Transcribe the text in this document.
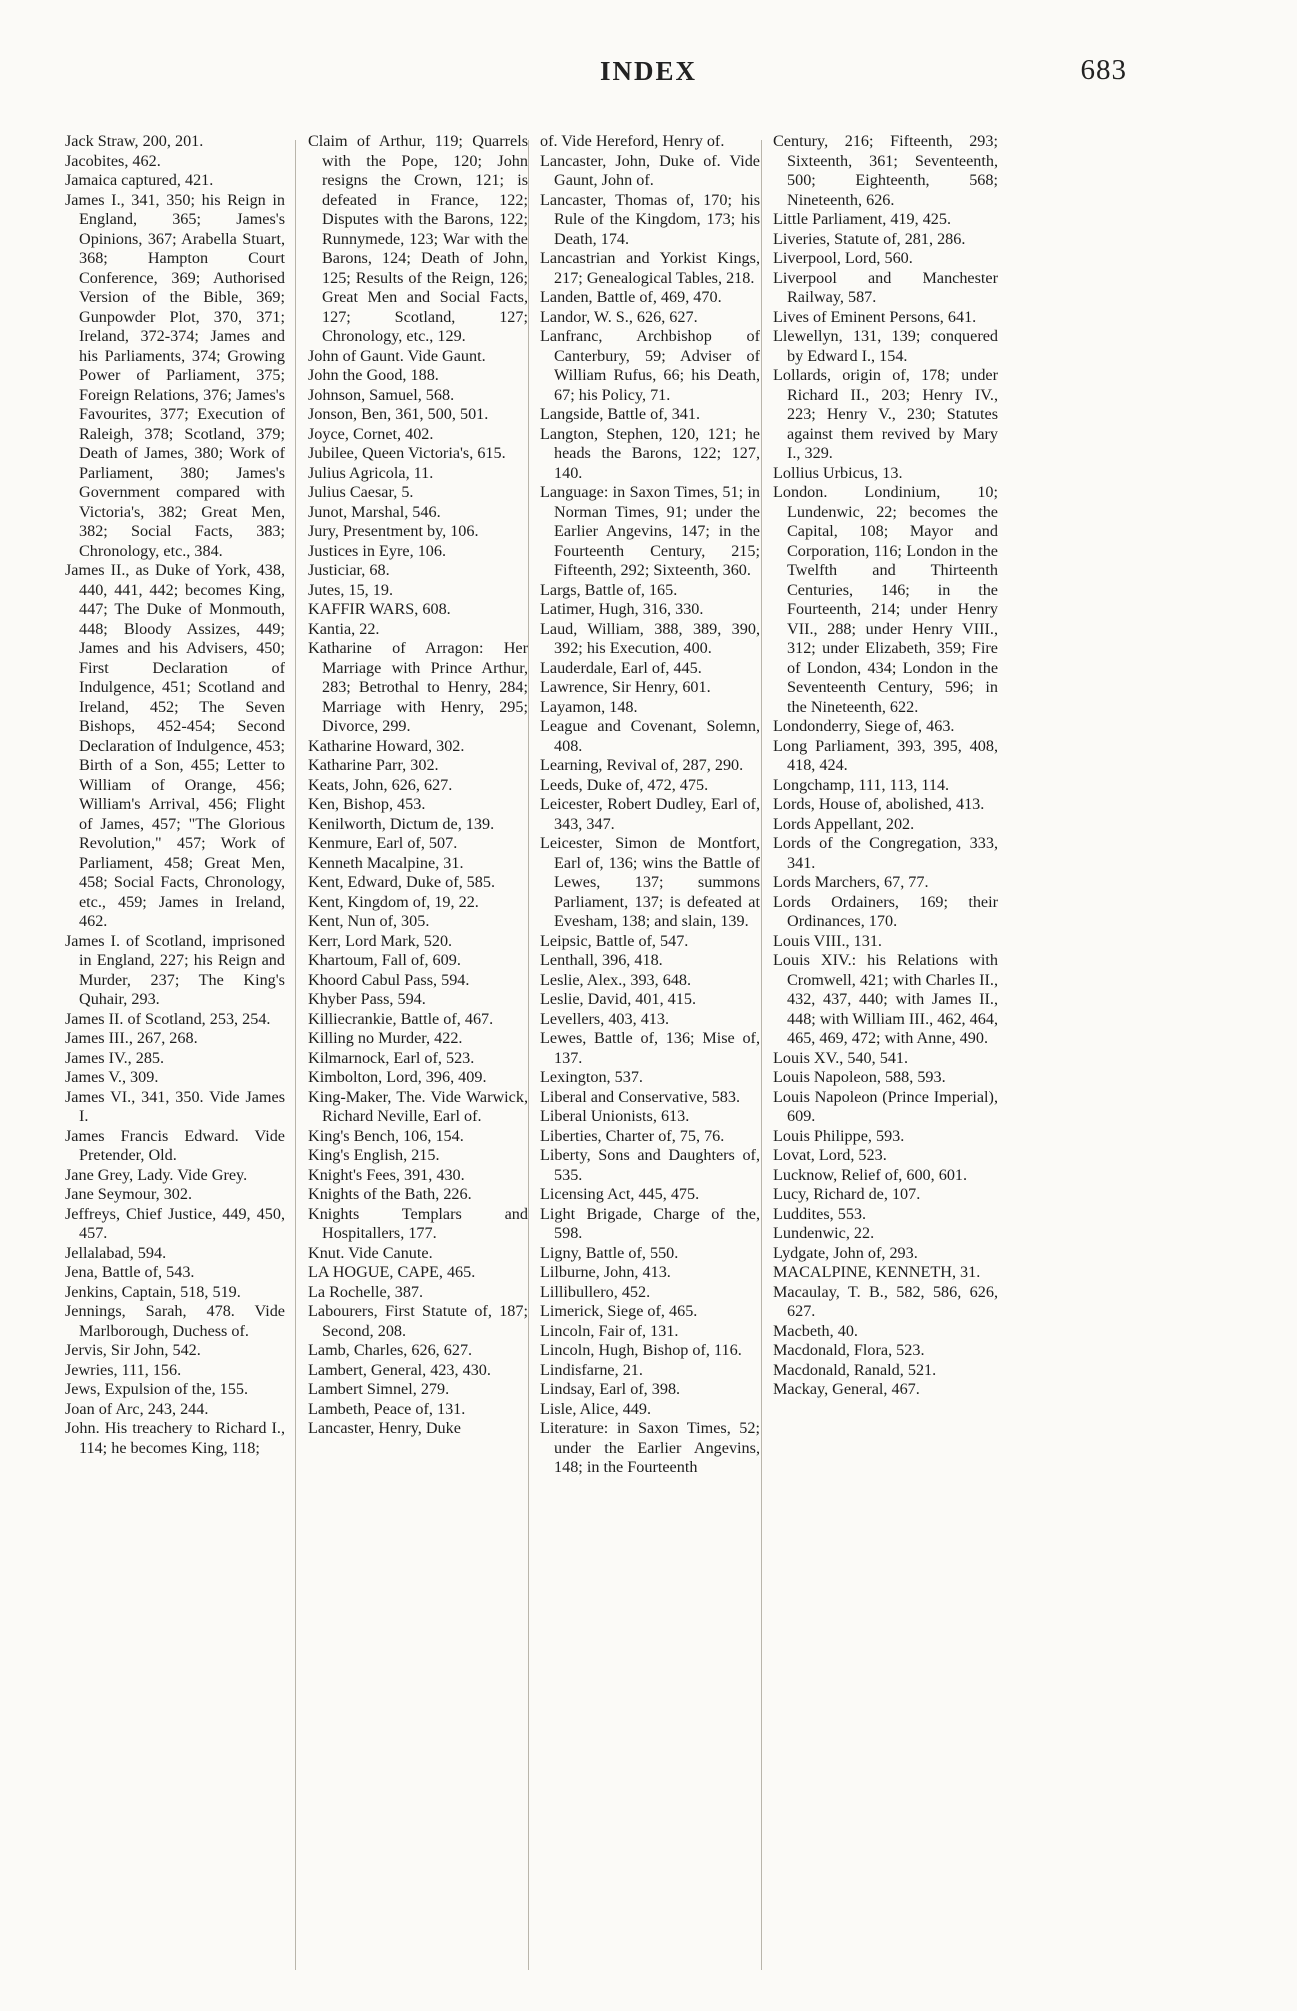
INDEX	683

Jack Straw, 200, 201.

Jacobites, 462.

Jamaica captured, 421.

James I., 341, 350; his Reign in England, 365; James's Opinions, 367; Arabella Stuart, 368; Hampton Court Conference, 369; Authorised Version of the Bible, 369; Gunpowder Plot, 370, 371; Ireland, 372-374; James and his Parliaments, 374; Growing Power of Parliament, 375; Foreign Relations, 376; James's Favourites, 377; Execution of Raleigh, 378; Scotland, 379; Death of James, 380; Work of Parliament, 380; James's Government compared with Victoria's, 382; Great Men, 382; Social Facts, 383; Chronology, etc., 384.

James II., as Duke of York, 438, 440, 441, 442; becomes King, 447; The Duke of Monmouth, 448; Bloody Assizes, 449; James and his Advisers, 450; First Declaration of Indulgence, 451; Scotland and Ireland, 452; The Seven Bishops, 452-454; Second Declaration of Indulgence, 453; Birth of a Son, 455; Letter to William of Orange, 456; William's Arrival, 456; Flight of James, 457; "The Glorious Revolution," 457; Work of Parliament, 458; Great Men, 458; Social Facts, Chronology, etc., 459; James in Ireland, 462.

James I. of Scotland, imprisoned in England, 227; his Reign and Murder, 237; The King's Quhair, 293.

James II. of Scotland, 253, 254.

James III., 267, 268.

James IV., 285.

James V., 309.

James VI., 341, 350. Vide James I.

James Francis Edward. Vide Pretender, Old.

Jane Grey, Lady. Vide Grey.

Jane Seymour, 302.

Jeffreys, Chief Justice, 449, 450, 457.

Jellalabad, 594.

Jena, Battle of, 543.

Jenkins, Captain, 518, 519.

Jennings, Sarah, 478. Vide Marlborough, Duchess of.

Jervis, Sir John, 542.

Jewries, 111, 156.

Jews, Expulsion of the, 155.

Joan of Arc, 243, 244.

John. His treachery to Richard I., 114; he becomes King, 118;

Claim of Arthur, 119; Quarrels with the Pope, 120; John resigns the Crown, 121; is defeated in France, 122; Disputes with the Barons, 122; Runnymede, 123; War with the Barons, 124; Death of John, 125; Results of the Reign, 126; Great Men and Social Facts, 127; Scotland, 127; Chronology, etc., 129.

John of Gaunt. Vide Gaunt.

John the Good, 188.

Johnson, Samuel, 568.

Jonson, Ben, 361, 500, 501.

Joyce, Cornet, 402.

Jubilee, Queen Victoria's, 615.

Julius Agricola, 11.

Julius Caesar, 5.

Junot, Marshal, 546.

Jury, Presentment by, 106.

Justices in Eyre, 106.

Justiciar, 68.

Jutes, 15, 19.

KAFFIR WARS, 608.

Kantia, 22.

Katharine of Arragon: Her Marriage with Prince Arthur, 283; Betrothal to Henry, 284; Marriage with Henry, 295; Divorce, 299.

Katharine Howard, 302.

Katharine Parr, 302.

Keats, John, 626, 627.

Ken, Bishop, 453.

Kenilworth, Dictum de, 139.

Kenmure, Earl of, 507.

Kenneth Macalpine, 31.

Kent, Edward, Duke of, 585.

Kent, Kingdom of, 19, 22.

Kent, Nun of, 305.

Kerr, Lord Mark, 520.

Khartoum, Fall of, 609.

Khoord Cabul Pass, 594.

Khyber Pass, 594.

Killiecrankie, Battle of, 467.

Killing no Murder, 422.

Kilmarnock, Earl of, 523.

Kimbolton, Lord, 396, 409.

King-Maker, The. Vide Warwick, Richard Neville, Earl of.

King's Bench, 106, 154.

King's English, 215.

Knight's Fees, 391, 430.

Knights of the Bath, 226.

Knights Templars and Hospitallers, 177.

Knut. Vide Canute.

LA HOGUE, CAPE, 465.

La Rochelle, 387.

Labourers, First Statute of, 187; Second, 208.

Lamb, Charles, 626, 627.

Lambert, General, 423, 430.

Lambert Simnel, 279.

Lambeth, Peace of, 131.

Lancaster, Henry, Duke

of. Vide Hereford, Henry of.

Lancaster, John, Duke of. Vide Gaunt, John of.

Lancaster, Thomas of, 170; his Rule of the Kingdom, 173; his Death, 174.

Lancastrian and Yorkist Kings, 217; Genealogical Tables, 218.

Landen, Battle of, 469, 470.

Landor, W. S., 626, 627.

Lanfranc, Archbishop of Canterbury, 59; Adviser of William Rufus, 66; his Death, 67; his Policy, 71.

Langside, Battle of, 341.

Langton, Stephen, 120, 121; he heads the Barons, 122; 127, 140.

Language: in Saxon Times, 51; in Norman Times, 91; under the Earlier Angevins, 147; in the Fourteenth Century, 215; Fifteenth, 292; Sixteenth, 360.

Largs, Battle of, 165.

Latimer, Hugh, 316, 330.

Laud, William, 388, 389, 390, 392; his Execution, 400.

Lauderdale, Earl of, 445.

Lawrence, Sir Henry, 601.

Layamon, 148.

League and Covenant, Solemn, 408.

Learning, Revival of, 287, 290.

Leeds, Duke of, 472, 475.

Leicester, Robert Dudley, Earl of, 343, 347.

Leicester, Simon de Montfort, Earl of, 136; wins the Battle of Lewes, 137; summons Parliament, 137; is defeated at Evesham, 138; and slain, 139.

Leipsic, Battle of, 547.

Lenthall, 396, 418.

Leslie, Alex., 393, 648.

Leslie, David, 401, 415.

Levellers, 403, 413.

Lewes, Battle of, 136; Mise of, 137.

Lexington, 537.

Liberal and Conservative, 583.

Liberal Unionists, 613.

Liberties, Charter of, 75, 76.

Liberty, Sons and Daughters of, 535.

Licensing Act, 445, 475.

Light Brigade, Charge of the, 598.

Ligny, Battle of, 550.

Lilburne, John, 413.

Lillibullero, 452.

Limerick, Siege of, 465.

Lincoln, Fair of, 131.

Lincoln, Hugh, Bishop of, 116.

Lindisfarne, 21.

Lindsay, Earl of, 398.

Lisle, Alice, 449.

Literature: in Saxon Times, 52; under the Earlier Angevins, 148; in the Fourteenth

Century, 216; Fifteenth, 293; Sixteenth, 361; Seventeenth, 500; Eighteenth, 568; Nineteenth, 626.

Little Parliament, 419, 425.

Liveries, Statute of, 281, 286.

Liverpool, Lord, 560.

Liverpool and Manchester Railway, 587.

Lives of Eminent Persons, 641.

Llewellyn, 131, 139; conquered by Edward I., 154.

Lollards, origin of, 178; under Richard II., 203; Henry IV., 223; Henry V., 230; Statutes against them revived by Mary I., 329.

Lollius Urbicus, 13.

London. Londinium, 10; Lundenwic, 22; becomes the Capital, 108; Mayor and Corporation, 116; London in the Twelfth and Thirteenth Centuries, 146; in the Fourteenth, 214; under Henry VII., 288; under Henry VIII., 312; under Elizabeth, 359; Fire of London, 434; London in the Seventeenth Century, 596; in the Nineteenth, 622.

Londonderry, Siege of, 463.

Long Parliament, 393, 395, 408, 418, 424.

Longchamp, 111, 113, 114.

Lords, House of, abolished, 413.

Lords Appellant, 202.

Lords of the Congregation, 333, 341.

Lords Marchers, 67, 77.

Lords Ordainers, 169; their Ordinances, 170.

Louis VIII., 131.

Louis XIV.: his Relations with Cromwell, 421; with Charles II., 432, 437, 440; with James II., 448; with William III., 462, 464, 465, 469, 472; with Anne, 490.

Louis XV., 540, 541.

Louis Napoleon, 588, 593.

Louis Napoleon (Prince Imperial), 609.

Louis Philippe, 593.

Lovat, Lord, 523.

Lucknow, Relief of, 600, 601.

Lucy, Richard de, 107.

Luddites, 553.

Lundenwic, 22.

Lydgate, John of, 293.

MACALPINE, KENNETH, 31.

Macaulay, T. B., 582, 586, 626, 627.

Macbeth, 40.

Macdonald, Flora, 523.

Macdonald, Ranald, 521.

Mackay, General, 467.
